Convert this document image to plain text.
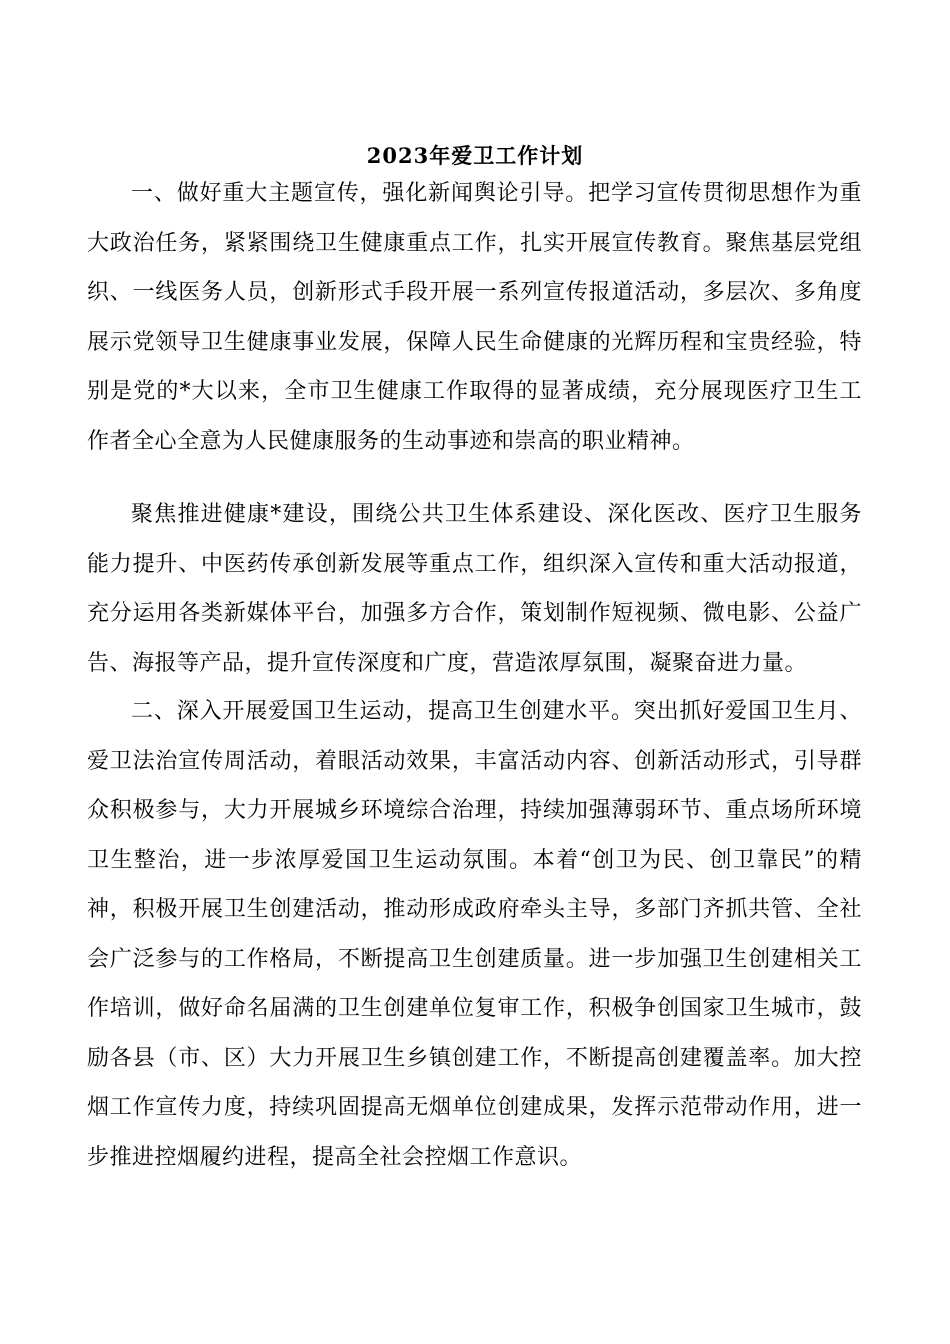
2023年爱卫工作计划

一、做好重大主题宣传，强化新闻舆论引导。把学习宣传贯彻思想作为重大政治任务，紧紧围绕卫生健康重点工作，扎实开展宣传教育。聚焦基层党组织、一线医务人员，创新形式手段开展一系列宣传报道活动，多层次、多角度展示党领导卫生健康事业发展，保障人民生命健康的光辉历程和宝贵经验，特别是党的*大以来，全市卫生健康工作取得的显著成绩，充分展现医疗卫生工作者全心全意为人民健康服务的生动事迹和崇高的职业精神。

聚焦推进健康*建设，围绕公共卫生体系建设、深化医改、医疗卫生服务能力提升、中医药传承创新发展等重点工作，组织深入宣传和重大活动报道，充分运用各类新媒体平台，加强多方合作，策划制作短视频、微电影、公益广告、海报等产品，提升宣传深度和广度，营造浓厚氛围，凝聚奋进力量。

二、深入开展爱国卫生运动，提高卫生创建水平。突出抓好爱国卫生月、爱卫法治宣传周活动，着眼活动效果，丰富活动内容、创新活动形式，引导群众积极参与，大力开展城乡环境综合治理，持续加强薄弱环节、重点场所环境卫生整治，进一步浓厚爱国卫生运动氛围。本着“创卫为民、创卫靠民”的精神，积极开展卫生创建活动，推动形成政府牵头主导，多部门齐抓共管、全社会广泛参与的工作格局，不断提高卫生创建质量。进一步加强卫生创建相关工作培训，做好命名届满的卫生创建单位复审工作，积极争创国家卫生城市，鼓励各县（市、区）大力开展卫生乡镇创建工作，不断提高创建覆盖率。加大控烟工作宣传力度，持续巩固提高无烟单位创建成果，发挥示范带动作用，进一步推进控烟履约进程，提高全社会控烟工作意识。
